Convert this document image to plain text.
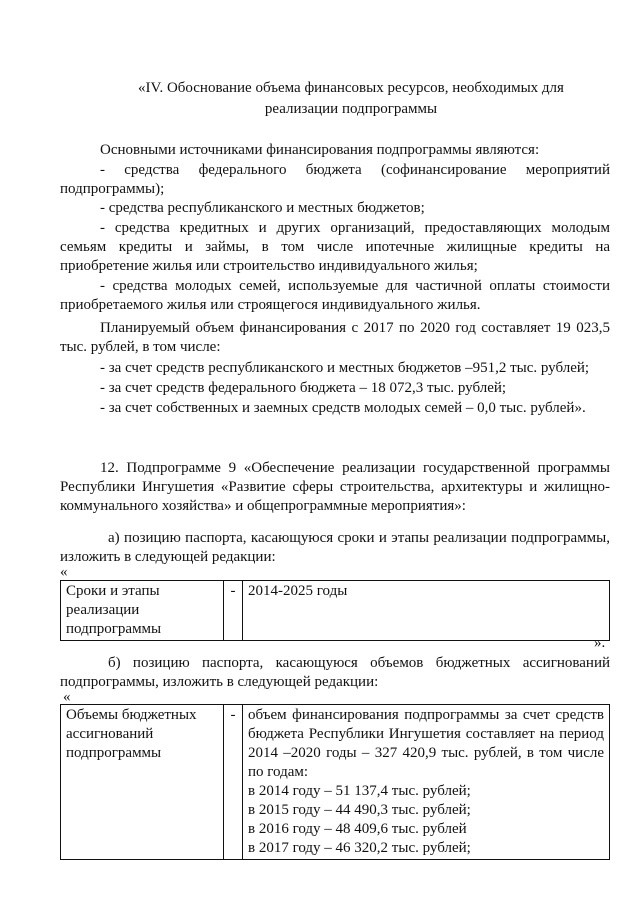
«IV. Обоснование объема финансовых ресурсов, необходимых для
реализации подпрограммы
Основными источниками финансирования подпрограммы являются:
- средства федерального бюджета (софинансирование мероприятий подпрограммы);
- средства республиканского и местных бюджетов;
- средства кредитных и других организаций, предоставляющих молодым семьям кредиты и займы, в том числе ипотечные жилищные кредиты на приобретение жилья или строительство индивидуального жилья;
- средства молодых семей, используемые для частичной оплаты стоимости приобретаемого жилья или строящегося индивидуального жилья.
Планируемый объем финансирования с 2017 по 2020 год составляет 19 023,5 тыс. рублей, в том числе:
- за счет средств республиканского и местных бюджетов –951,2 тыс. рублей;
- за счет средств федерального бюджета – 18 072,3 тыс. рублей;
- за счет собственных и заемных средств молодых семей – 0,0 тыс. рублей».
12. Подпрограмме 9 «Обеспечение реализации государственной программы Республики Ингушетия «Развитие сферы строительства, архитектуры и жилищно-коммунального хозяйства» и общепрограммные мероприятия»:
а) позицию паспорта, касающуюся сроки и этапы реализации подпрограммы, изложить в следующей редакции:
«
Сроки и этапы реализации подпрограммы	-	2014-2025 годы
».
б) позицию паспорта, касающуюся объемов бюджетных ассигнований подпрограммы, изложить в следующей редакции:
«
Объемы бюджетных ассигнований подпрограммы	-	объем финансирования подпрограммы за счет средств бюджета Республики Ингушетия составляет на период 2014 –2020 годы – 327 420,9 тыс. рублей, в том числе по годам:
в 2014 году – 51 137,4 тыс. рублей;
в 2015 году – 44 490,3 тыс. рублей;
в 2016 году – 48 409,6 тыс. рублей
в 2017 году – 46 320,2 тыс. рублей;
